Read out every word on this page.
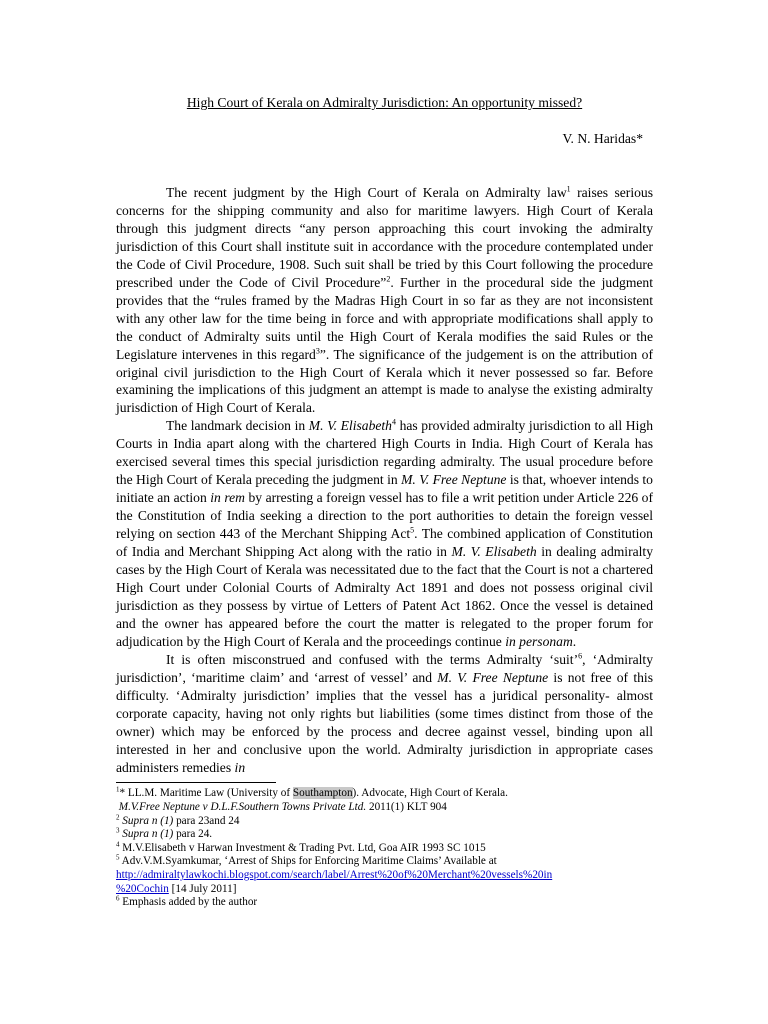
High Court of Kerala on Admiralty Jurisdiction: An opportunity missed?

V. N. Haridas*

The recent judgment by the High Court of Kerala on Admiralty law$^1$ raises serious concerns for the shipping community and also for maritime lawyers. High Court of Kerala through this judgment directs “any person approaching this court invoking the admiralty jurisdiction of this Court shall institute suit in accordance with the procedure contemplated under the Code of Civil Procedure, 1908. Such suit shall be tried by this Court following the procedure prescribed under the Code of Civil Procedure”$^2$. Further in the procedural side the judgment provides that the “rules framed by the Madras High Court in so far as they are not inconsistent with any other law for the time being in force and with appropriate modifications shall apply to the conduct of Admiralty suits until the High Court of Kerala modifies the said Rules or the Legislature intervenes in this regard$^3$”. The significance of the judgement is on the attribution of original civil jurisdiction to the High Court of Kerala which it never possessed so far. Before examining the implications of this judgment an attempt is made to analyse the existing admiralty jurisdiction of High Court of Kerala.

The landmark decision in M. V. Elisabeth$^4$ has provided admiralty jurisdiction to all High Courts in India apart along with the chartered High Courts in India. High Court of Kerala has exercised several times this special jurisdiction regarding admiralty. The usual procedure before the High Court of Kerala preceding the judgment in M. V. Free Neptune is that, whoever intends to initiate an action in rem by arresting a foreign vessel has to file a writ petition under Article 226 of the Constitution of India seeking a direction to the port authorities to detain the foreign vessel relying on section 443 of the Merchant Shipping Act$^5$. The combined application of Constitution of India and Merchant Shipping Act along with the ratio in M. V. Elisabeth in dealing admiralty cases by the High Court of Kerala was necessitated due to the fact that the Court is not a chartered High Court under Colonial Courts of Admiralty Act 1891 and does not possess original civil jurisdiction as they possess by virtue of Letters of Patent Act 1862. Once the vessel is detained and the owner has appeared before the court the matter is relegated to the proper forum for adjudication by the High Court of Kerala and the proceedings continue in personam.

It is often misconstrued and confused with the terms Admiralty ‘suit’$^6$, ‘Admiralty jurisdiction’, ‘maritime claim’ and ‘arrest of vessel’ and M. V. Free Neptune is not free of this difficulty. ‘Admiralty jurisdiction’ implies that the vessel has a juridical personality- almost corporate capacity, having not only rights but liabilities (some times distinct from those of the owner) which may be enforced by the process and decree against vessel, binding upon all interested in her and conclusive upon the world. Admiralty jurisdiction in appropriate cases administers remedies in

$^1$* LL.M. Maritime Law (University of Southampton). Advocate, High Court of Kerala.

M.V.Free Neptune v D.L.F.Southern Towns Private Ltd. 2011(1) KLT 904

$^2$ Supra n (1) para 23and 24

$^3$ Supra n (1) para 24.

$^4$ M.V.Elisabeth v Harwan Investment & Trading Pvt. Ltd, Goa AIR 1993 SC 1015

$^5$ Adv.V.M.Syamkumar, ‘Arrest of Ships for Enforcing Maritime Claims’ Available at
http://admiraltylawkochi.blogspot.com/search/label/Arrest%20of%20Merchant%20vessels%20in
%20Cochin [14 July 2011]

$^6$ Emphasis added by the author
